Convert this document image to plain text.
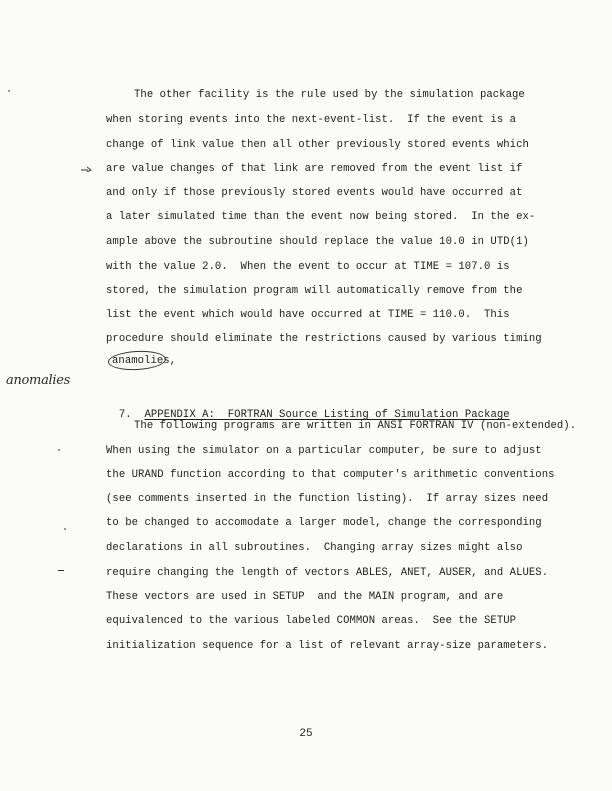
The other facility is the rule used by the simulation package
when storing events into the next-event-list.  If the event is a
change of link value then all other previously stored events which
are value changes of that link are removed from the event list if
and only if those previously stored events would have occurred at
a later simulated time than the event now being stored.  In the ex-
ample above the subroutine should replace the value 10.0 in UTD(1)
with the value 2.0.  When the event to occur at TIME = 107.0 is
stored, the simulation program will automatically remove from the
list the event which would have occurred at TIME = 110.0.  This
procedure should eliminate the restrictions caused by various timing
anamolies,
anomalies

7. APPENDIX A:  FORTRAN Source Listing of Simulation Package

The following programs are written in ANSI FORTRAN IV (non-extended).
When using the simulator on a particular computer, be sure to adjust
the URAND function according to that computer's arithmetic conventions
(see comments inserted in the function listing).  If array sizes need
to be changed to accomodate a larger model, change the corresponding
declarations in all subroutines.  Changing array sizes might also
require changing the length of vectors ABLES, ANET, AUSER, and ALUES.
These vectors are used in SETUP  and the MAIN program, and are
equivalenced to the various labeled COMMON areas.  See the SETUP
initialization sequence for a list of relevant array-size parameters.
25
